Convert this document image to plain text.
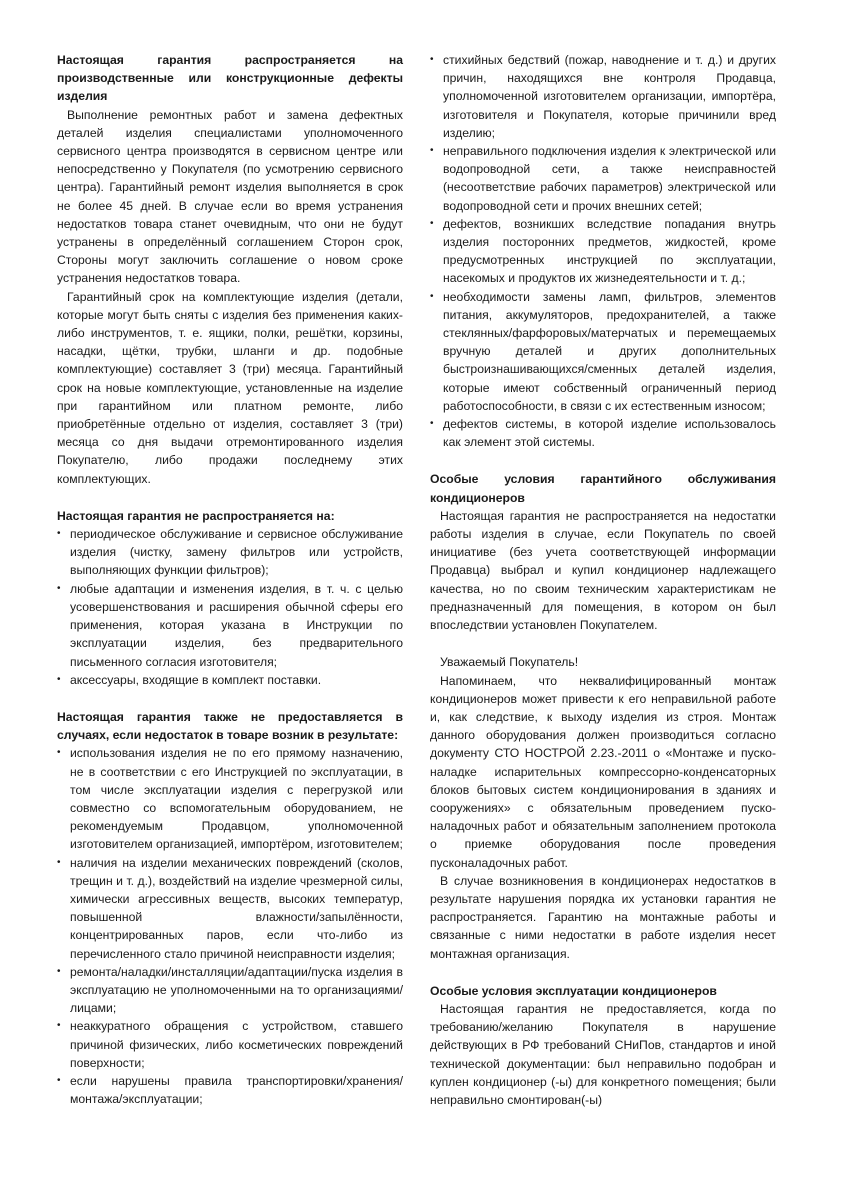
Настоящая гарантия распространяется на производственные или конструкционные дефекты изделия
Выполнение ремонтных работ и замена дефектных деталей изделия специалистами уполномоченного сервисного центра производятся в сервисном центре или непосредственно у Покупателя (по усмотрению сервисного центра). Гарантийный ремонт изделия выполняется в срок не более 45 дней. В случае если во время устранения недостатков товара станет очевидным, что они не будут устранены в определённый соглашением Сторон срок, Стороны могут заключить соглашение о новом сроке устранения недостатков товара.
Гарантийный срок на комплектующие изделия (детали, которые могут быть сняты с изделия без применения каких-либо инструментов, т. е. ящики, полки, решётки, корзины, насадки, щётки, трубки, шланги и др. подобные комплектующие) составляет 3 (три) месяца. Гарантийный срок на новые комплектующие, установленные на изделие при гарантийном или платном ремонте, либо приобретённые отдельно от изделия, составляет 3 (три) месяца со дня выдачи отремонтированного изделия Покупателю, либо продажи последнему этих комплектующих.
Настоящая гарантия не распространяется на:
• периодическое обслуживание и сервисное обслуживание изделия (чистку, замену фильтров или устройств, выполняющих функции фильтров);
• любые адаптации и изменения изделия, в т. ч. с целью усовершенствования и расширения обычной сферы его применения, которая указана в Инструкции по эксплуатации изделия, без предварительного письменного согласия изготовителя;
• аксессуары, входящие в комплект поставки.
Настоящая гарантия также не предоставляется в случаях, если недостаток в товаре возник в результате:
• использования изделия не по его прямому назначению, не в соответствии с его Инструкцией по эксплуатации, в том числе эксплуатации изделия с перегрузкой или совместно со вспомогательным оборудованием, не рекомендуемым Продавцом, уполномоченной изготовителем организацией, импортёром, изготовителем;
• наличия на изделии механических повреждений (сколов, трещин и т. д.), воздействий на изделие чрезмерной силы, химически агрессивных веществ, высоких температур, повышенной влажности/запылённости, концентрированных паров, если что-либо из перечисленного стало причиной неисправности изделия;
• ремонта/наладки/инсталляции/адаптации/пуска изделия в эксплуатацию не уполномоченными на то организациями/ лицами;
• неаккуратного обращения с устройством, ставшего причиной физических, либо косметических повреждений поверхности;
• если нарушены правила транспортировки/хранения/монтажа/эксплуатации;
• стихийных бедствий (пожар, наводнение и т. д.) и других причин, находящихся вне контроля Продавца, уполномоченной изготовителем организации, импортёра, изготовителя и Покупателя, которые причинили вред изделию;
• неправильного подключения изделия к электрической или водопроводной сети, а также неисправностей (несоответствие рабочих параметров) электрической или водопроводной сети и прочих внешних сетей;
• дефектов, возникших вследствие попадания внутрь изделия посторонних предметов, жидкостей, кроме предусмотренных инструкцией по эксплуатации, насекомых и продуктов их жизнедеятельности и т. д.;
• необходимости замены ламп, фильтров, элементов питания, аккумуляторов, предохранителей, а также стеклянных/фарфоровых/матерчатых и перемещаемых вручную деталей и других дополнительных быстроизнашивающихся/сменных деталей изделия, которые имеют собственный ограниченный период работоспособности, в связи с их естественным износом;
• дефектов системы, в которой изделие использовалось как элемент этой системы.
Особые условия гарантийного обслуживания кондиционеров
Настоящая гарантия не распространяется на недостатки работы изделия в случае, если Покупатель по своей инициативе (без учета соответствующей информации Продавца) выбрал и купил кондиционер надлежащего качества, но по своим техническим характеристикам не предназначенный для помещения, в котором он был впоследствии установлен Покупателем.
Уважаемый Покупатель!
Напоминаем, что неквалифицированный монтаж кондиционеров может привести к его неправильной работе и, как следствие, к выходу изделия из строя. Монтаж данного оборудования должен производиться согласно документу СТО НОСТРОЙ 2.23.-2011 о «Монтаже и пуско-наладке испарительных компрессорно-конденсаторных блоков бытовых систем кондиционирования в зданиях и сооружениях» с обязательным проведением пуско-наладочных работ и обязательным заполнением протокола о приемке оборудования после проведения пусконаладочных работ.
В случае возникновения в кондиционерах недостатков в результате нарушения порядка их установки гарантия не распространяется. Гарантию на монтажные работы и связанные с ними недостатки в работе изделия несет монтажная организация.
Особые условия эксплуатации кондиционеров
Настоящая гарантия не предоставляется, когда по требованию/желанию Покупателя в нарушение действующих в РФ требований СНиПов, стандартов и иной технической документации: был неправильно подобран и куплен кондиционер (-ы) для конкретного помещения; были неправильно смонтирован(-ы)
